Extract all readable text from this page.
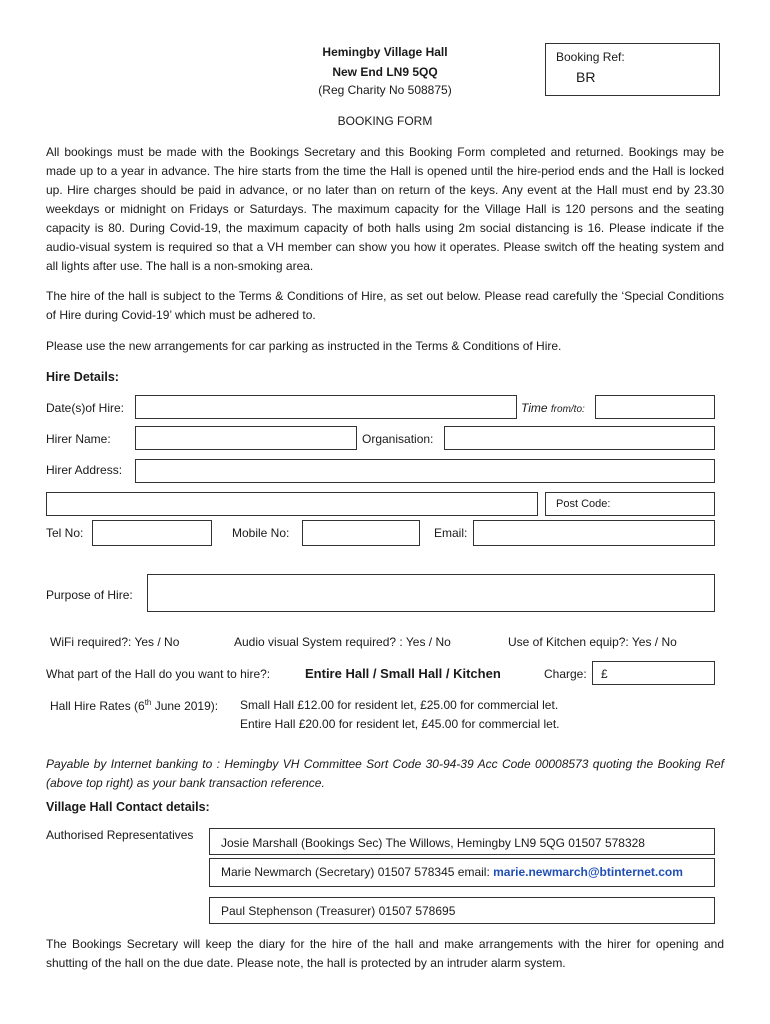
Hemingby Village Hall
New End LN9 5QQ
(Reg Charity No 508875)
BOOKING FORM
Booking Ref:
BR
All bookings must be made with the Bookings Secretary and this Booking Form completed and returned. Bookings may be made up to a year in advance. The hire starts from the time the Hall is opened until the hire-period ends and the Hall is locked up. Hire charges should be paid in advance, or no later than on return of the keys. Any event at the Hall must end by 23.30 weekdays or midnight on Fridays or Saturdays. The maximum capacity for the Village Hall is 120 persons and the seating capacity is 80. During Covid-19, the maximum capacity of both halls using 2m social distancing is 16. Please indicate if the audio-visual system is required so that a VH member can show you how it operates. Please switch off the heating system and all lights after use. The hall is a non-smoking area.
The hire of the hall is subject to the Terms & Conditions of Hire, as set out below. Please read carefully the ‘Special Conditions of Hire during Covid-19’ which must be adhered to.
Please use the new arrangements for car parking as instructed in the Terms & Conditions of Hire.
Hire Details:
Date(s)of Hire:	Time from/to:
Hirer Name:	Organisation:
Hirer Address:
Post Code:
Tel No:	Mobile No:	Email:
Purpose of Hire:
WiFi required?: Yes / No	Audio visual System required? : Yes / No	Use of Kitchen equip?: Yes / No
What part of the Hall do you want to hire?:	Entire Hall / Small Hall / Kitchen	Charge: £
Hall Hire Rates (6th June 2019): Small Hall £12.00 for resident let, £25.00 for commercial let.
Entire Hall £20.00 for resident let, £45.00 for commercial let.
Payable by Internet banking to : Hemingby VH Committee Sort Code 30-94-39 Acc Code 00008573 quoting the Booking Ref (above top right) as your bank transaction reference.
Village Hall Contact details:
Authorised Representatives
Josie Marshall (Bookings Sec) The Willows, Hemingby LN9 5QG 01507 578328
Marie Newmarch (Secretary) 01507 578345 email: marie.newmarch@btinternet.com
Paul Stephenson (Treasurer) 01507 578695
The Bookings Secretary will keep the diary for the hire of the hall and make arrangements with the hirer for opening and shutting of the hall on the due date. Please note, the hall is protected by an intruder alarm system.
